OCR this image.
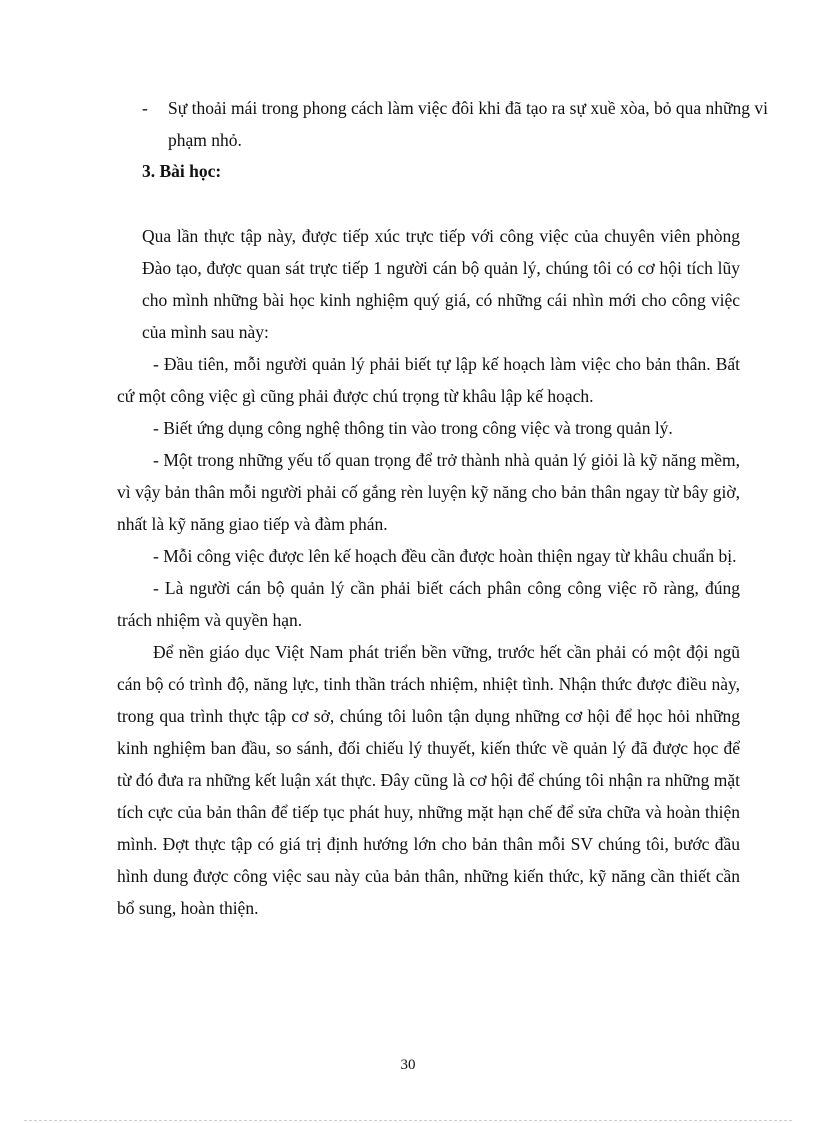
- Sự thoải mái trong phong cách làm việc đôi khi đã tạo ra sự xuề xòa, bỏ qua những vi phạm nhỏ.
3. Bài học:
Qua lần thực tập này, được tiếp xúc trực tiếp với công việc của chuyên viên phòng Đào tạo, được quan sát trực tiếp 1 người cán bộ quản lý, chúng tôi có cơ hội tích lũy cho mình những bài học kinh nghiệm quý giá, có những cái nhìn mới cho công việc của mình sau này:

- Đầu tiên, mỗi người quản lý phải biết tự lập kế hoạch làm việc cho bản thân. Bất cứ một công việc gì cũng phải được chú trọng từ khâu lập kế hoạch.

- Biết ứng dụng công nghệ thông tin vào trong công việc và trong quản lý.

- Một trong những yếu tố quan trọng để trở thành nhà quản lý giỏi là kỹ năng mềm, vì vậy bản thân mỗi người phải cố gắng rèn luyện kỹ năng cho bản thân ngay từ bây giờ, nhất là kỹ năng giao tiếp và đàm phán.

- Mỗi công việc được lên kế hoạch đều cần được hoàn thiện ngay từ khâu chuẩn bị.

- Là người cán bộ quản lý cần phải biết cách phân công công việc rõ ràng, đúng trách nhiệm và quyền hạn.

Để nền giáo dục Việt Nam phát triển bền vững, trước hết cần phải có một đội ngũ cán bộ có trình độ, năng lực, tinh thần trách nhiệm, nhiệt tình. Nhận thức được điều này, trong qua trình thực tập cơ sở, chúng tôi luôn tận dụng những cơ hội để học hỏi những kinh nghiệm ban đầu, so sánh, đối chiếu lý thuyết, kiến thức về quản lý đã được học để từ đó đưa ra những kết luận xát thực. Đây cũng là cơ hội để chúng tôi nhận ra những mặt tích cực của bản thân để tiếp tục phát huy, những mặt hạn chế để sửa chữa và hoàn thiện mình. Đợt thực tập có giá trị định hướng lớn cho bản thân mỗi SV chúng tôi, bước đầu hình dung được công việc sau này của bản thân, những kiến thức, kỹ năng cần thiết cần bổ sung, hoàn thiện.

30
